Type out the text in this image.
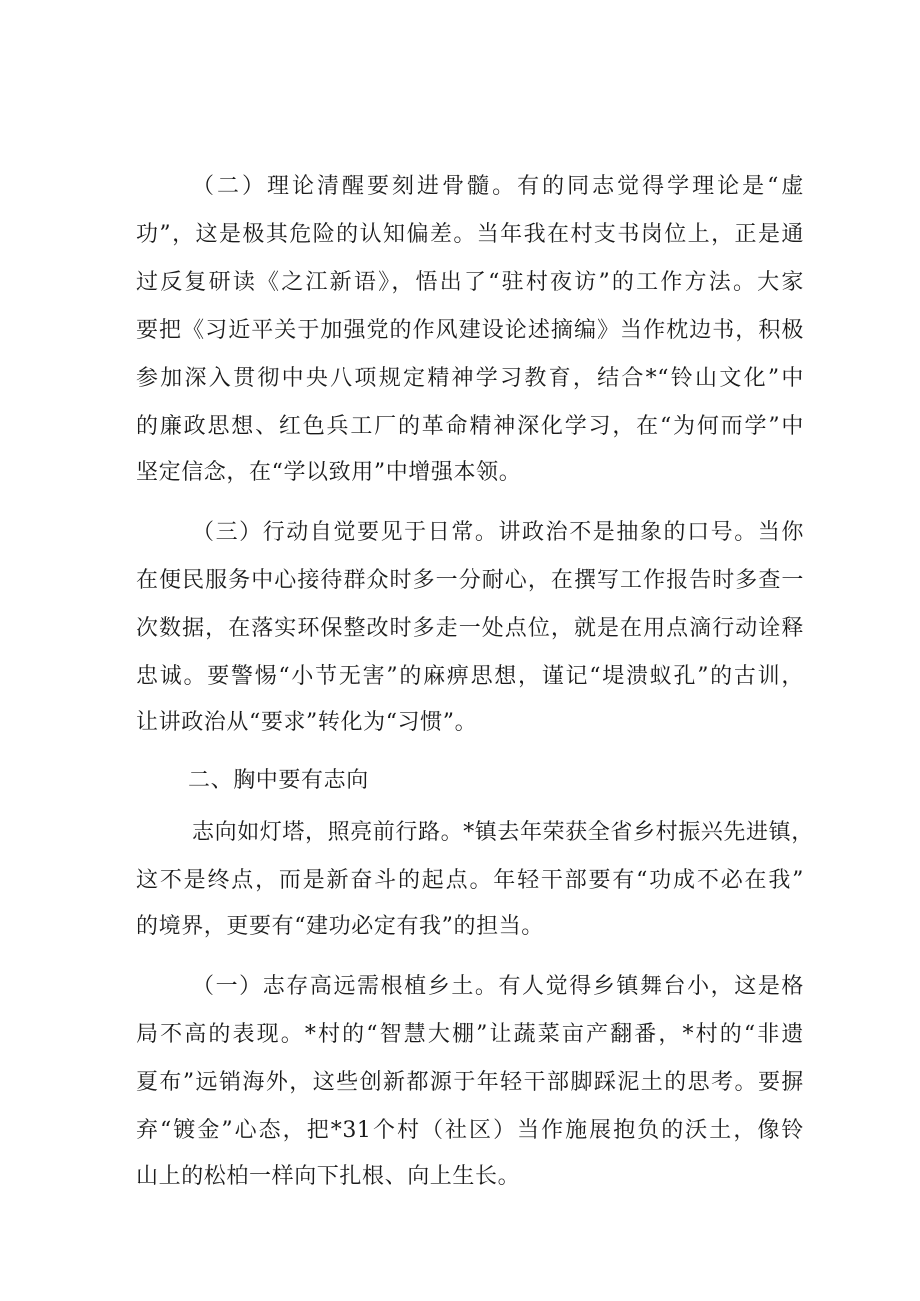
（二）理论清醒要刻进骨髓。有的同志觉得学理论是“虚
功”，这是极其危险的认知偏差。当年我在村支书岗位上，正是通
过反复研读《之江新语》，悟出了“驻村夜访”的工作方法。大家
要把《习近平关于加强党的作风建设论述摘编》当作枕边书，积极
参加深入贯彻中央八项规定精神学习教育，结合*“铃山文化”中
的廉政思想、红色兵工厂的革命精神深化学习，在“为何而学”中
坚定信念，在“学以致用”中增强本领。
（三）行动自觉要见于日常。讲政治不是抽象的口号。当你
在便民服务中心接待群众时多一分耐心，在撰写工作报告时多查一
次数据，在落实环保整改时多走一处点位，就是在用点滴行动诠释
忠诚。要警惕“小节无害”的麻痹思想，谨记“堤溃蚁孔”的古训，
让讲政治从“要求”转化为“习惯”。
二、胸中要有志向
志向如灯塔，照亮前行路。*镇去年荣获全省乡村振兴先进镇，
这不是终点，而是新奋斗的起点。年轻干部要有“功成不必在我”
的境界，更要有“建功必定有我”的担当。
（一）志存高远需根植乡土。有人觉得乡镇舞台小，这是格
局不高的表现。*村的“智慧大棚”让蔬菜亩产翻番，*村的“非遗
夏布”远销海外，这些创新都源于年轻干部脚踩泥土的思考。要摒
弃“镀金”心态，把*31个村（社区）当作施展抱负的沃土，像铃
山上的松柏一样向下扎根、向上生长。
